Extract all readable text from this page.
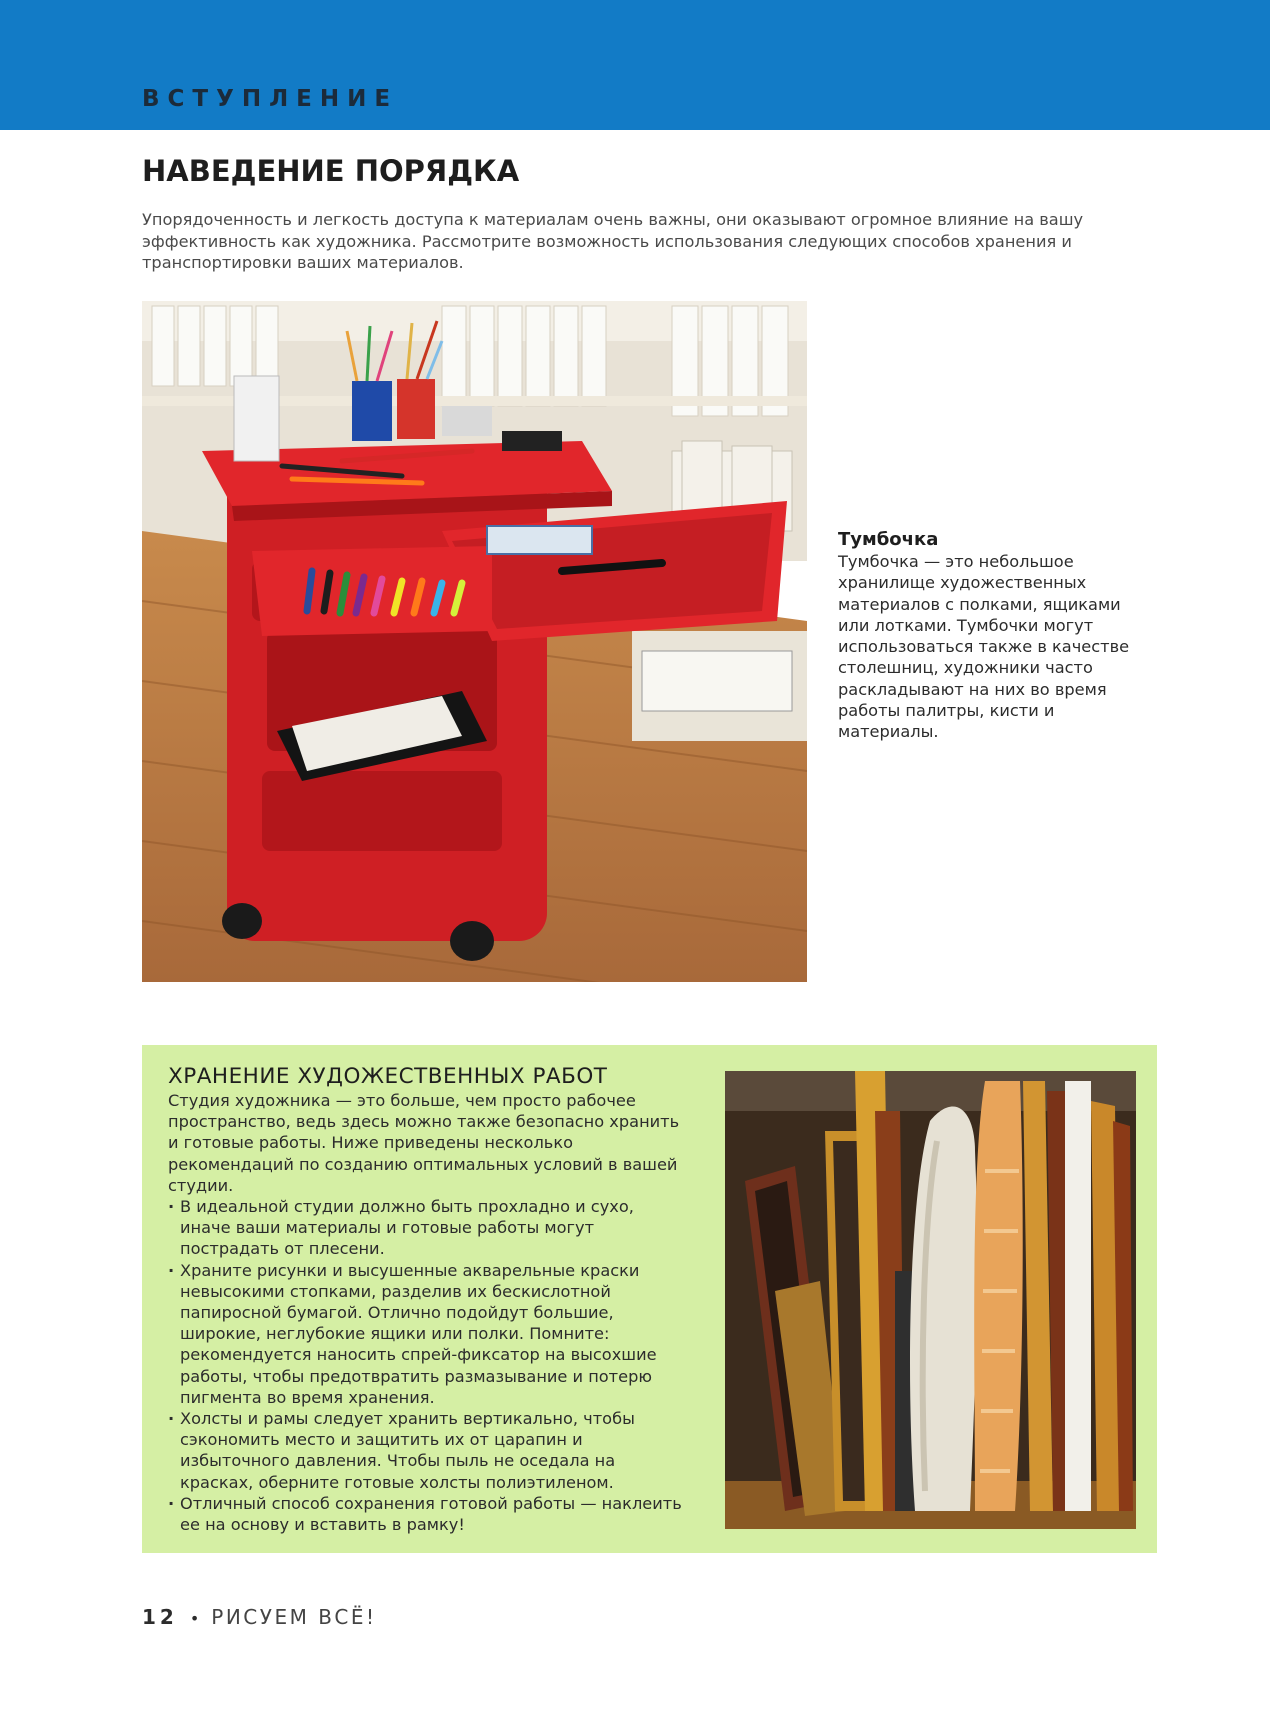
ВСТУПЛЕНИЕ
НАВЕДЕНИЕ ПОРЯДКА

Упорядоченность и легкость доступа к материалам очень важны, они оказывают огромное влияние на вашу эффективность как художника. Рассмотрите возможность использования следующих способов хранения и транспортировки ваших материалов.

Тумбочка

Тумбочка — это небольшое хранилище художественных материалов с полками, ящиками или лотками. Тумбочки могут использоваться также в качестве столешниц, художники часто раскладывают на них во время работы палитры, кисти и материалы.

ХРАНЕНИЕ ХУДОЖЕСТВЕННЫХ РАБОТ

Студия художника — это больше, чем просто рабочее пространство, ведь здесь можно также безопасно хранить и готовые работы. Ниже приведены несколько рекомендаций по созданию оптимальных условий в вашей студии.

· В идеальной студии должно быть прохладно и сухо, иначе ваши материалы и готовые работы могут пострадать от плесени.
· Храните рисунки и высушенные акварельные краски невысокими стопками, разделив их бескислотной папиросной бумагой. Отлично подойдут большие, широкие, неглубокие ящики или полки. Помните: рекомендуется наносить спрей-фиксатор на высохшие работы, чтобы предотвратить размазывание и потерю пигмента во время хранения.
· Холсты и рамы следует хранить вертикально, чтобы сэкономить место и защитить их от царапин и избыточного давления. Чтобы пыль не оседала на красках, оберните готовые холсты полиэтиленом.
· Отличный способ сохранения готовой работы — наклеить ее на основу и вставить в рамку!
12 • РИСУЕМ ВСЁ!
